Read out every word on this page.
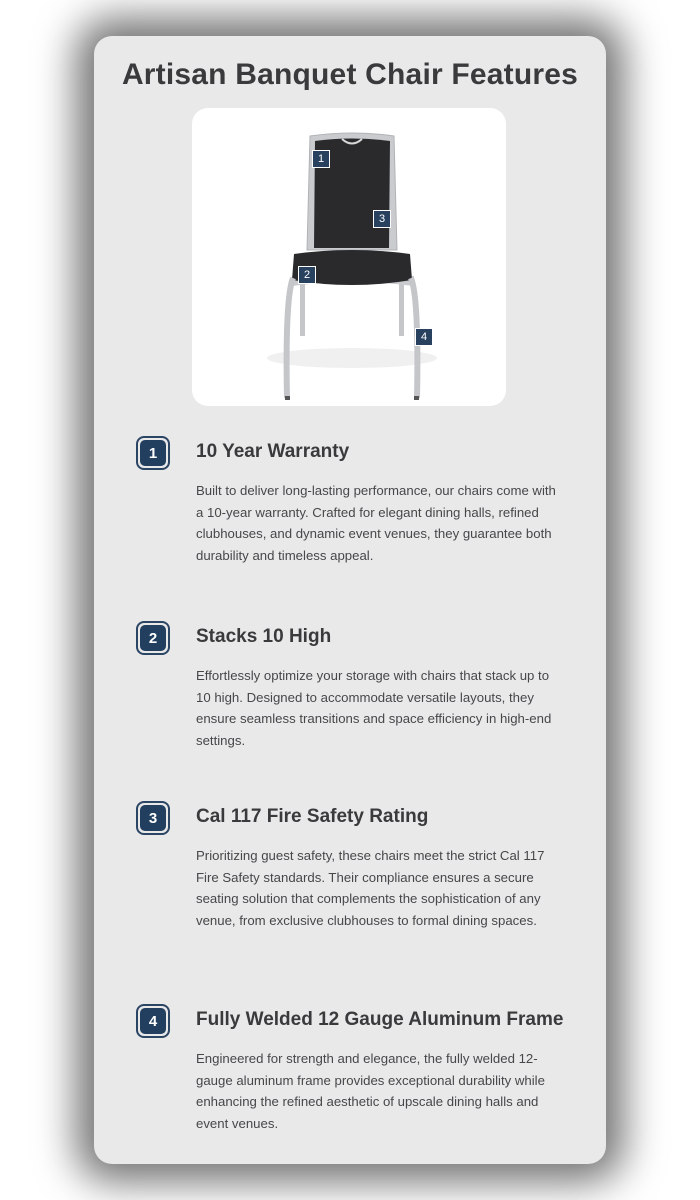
Artisan Banquet Chair Features
1
3
2
4
1	10 Year Warranty
Built to deliver long-lasting performance, our chairs come with a 10-year warranty. Crafted for elegant dining halls, refined clubhouses, and dynamic event venues, they guarantee both durability and timeless appeal.
2	Stacks 10 High
Effortlessly optimize your storage with chairs that stack up to 10 high. Designed to accommodate versatile layouts, they ensure seamless transitions and space efficiency in high-end settings.
3	Cal 117 Fire Safety Rating
Prioritizing guest safety, these chairs meet the strict Cal 117 Fire Safety standards. Their compliance ensures a secure seating solution that complements the sophistication of any venue, from exclusive clubhouses to formal dining spaces.
4	Fully Welded 12 Gauge Aluminum Frame
Engineered for strength and elegance, the fully welded 12-gauge aluminum frame provides exceptional durability while enhancing the refined aesthetic of upscale dining halls and event venues.
